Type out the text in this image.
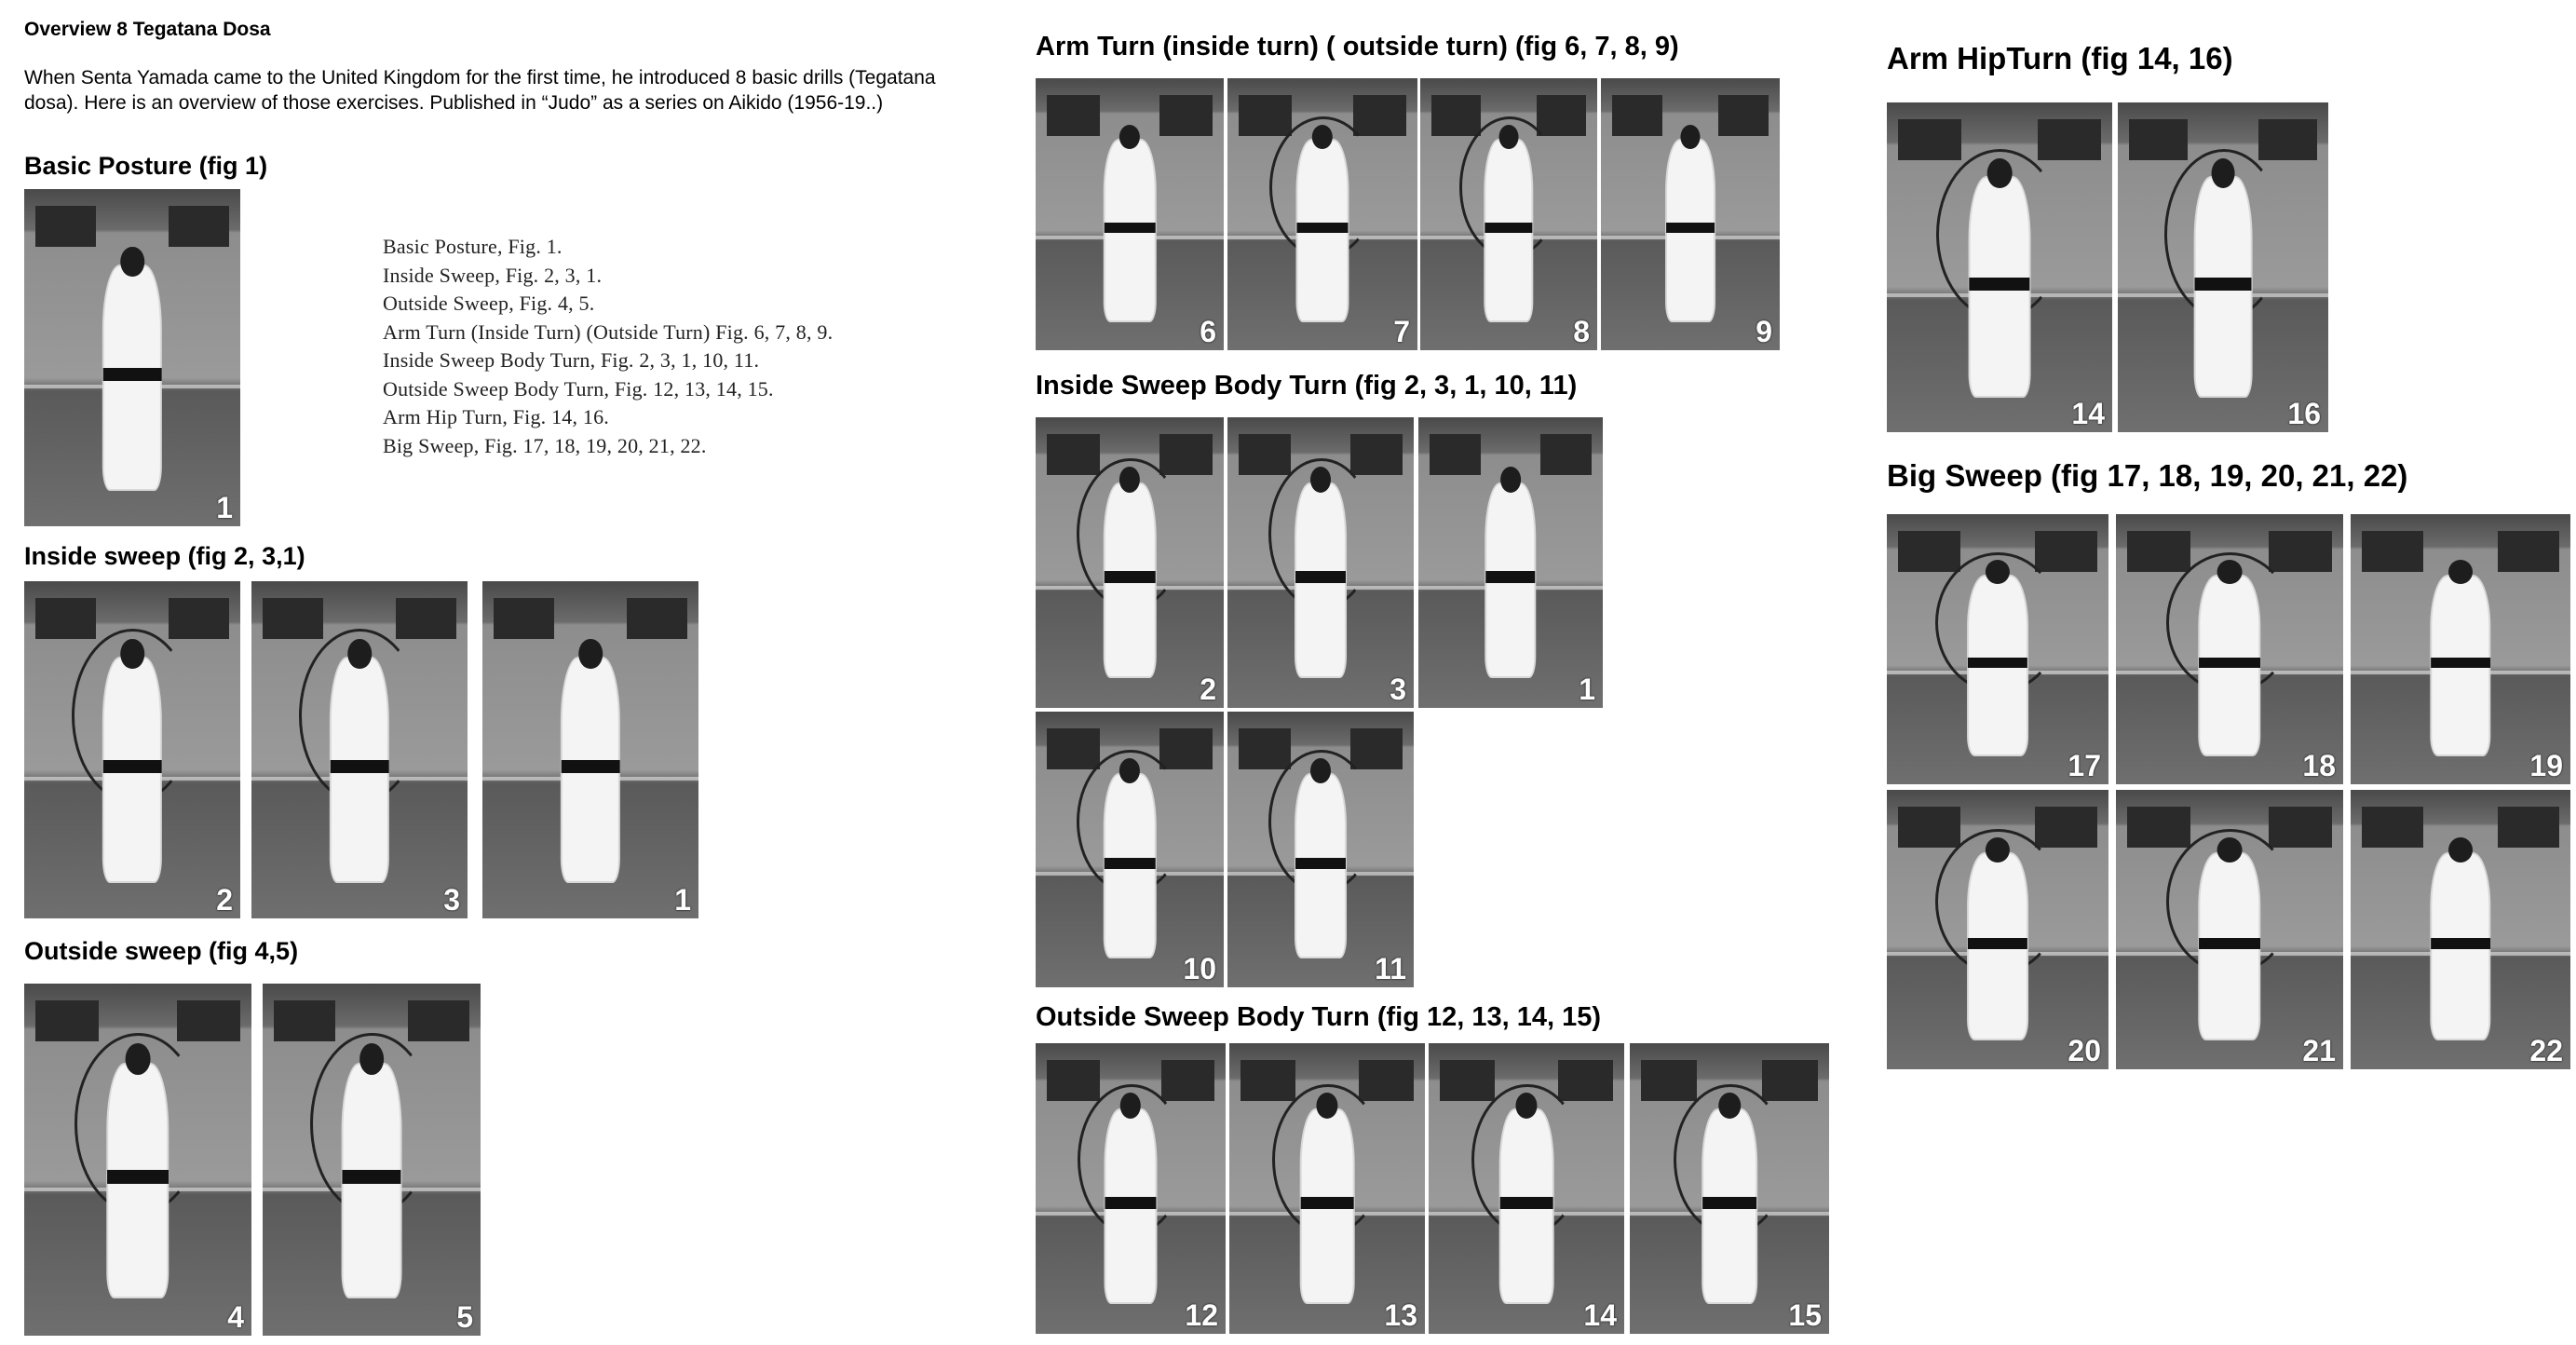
Overview 8 Tegatana Dosa
When Senta Yamada came to the United Kingdom for the first time, he introduced 8 basic drills (Tegatana dosa). Here is an overview of those exercises. Published in “Judo” as a series on Aikido (1956-19..)
Basic Posture (fig 1)
1
Basic Posture, Fig. 1.
Inside Sweep, Fig. 2, 3, 1.
Outside Sweep, Fig. 4, 5.
Arm Turn (Inside Turn) (Outside Turn) Fig. 6, 7, 8, 9.
Inside Sweep Body Turn, Fig. 2, 3, 1, 10, 11.
Outside Sweep Body Turn, Fig. 12, 13, 14, 15.
Arm Hip Turn, Fig. 14, 16.
Big Sweep, Fig. 17, 18, 19, 20, 21, 22.
Inside sweep (fig 2, 3,1)
2	3	1
Outside sweep (fig 4,5)
4	5
Arm Turn (inside turn) ( outside turn) (fig 6, 7, 8, 9)
6	7	8	9
Inside Sweep Body Turn (fig 2, 3, 1, 10, 11)
2	3	1
10	11
Outside Sweep Body Turn (fig 12, 13, 14, 15)
12	13	14	15
Arm HipTurn (fig 14, 16)
14	16
Big Sweep (fig 17, 18, 19, 20, 21, 22)
17	18	19
20	21	22
